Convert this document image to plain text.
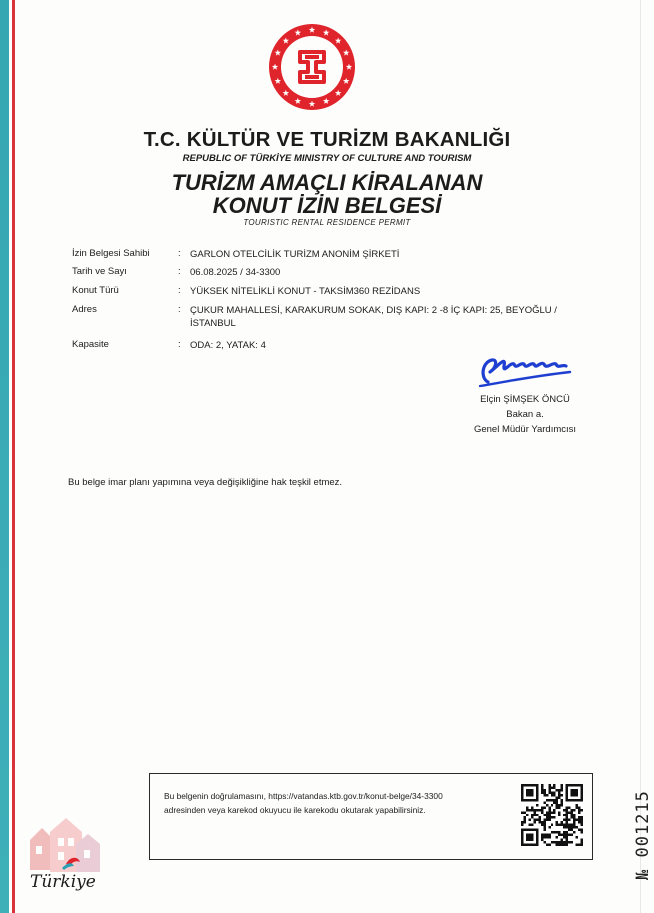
T.C. KÜLTÜR VE TURİZM BAKANLIĞI
REPUBLIC OF TÜRKİYE MINISTRY OF CULTURE AND TOURISM
TURİZM AMAÇLI KİRALANAN
KONUT İZİN BELGESİ
TOURISTIC RENTAL RESIDENCE PERMIT
İzin Belgesi Sahibi	: GARLON OTELCİLİK TURİZM ANONİM ŞİRKETİ
Tarih ve Sayı	: 06.08.2025 / 34-3300
Konut Türü	: YÜKSEK NİTELİKLİ KONUT - TAKSİM360 REZİDANS
Adres	: ÇUKUR MAHALLESİ, KARAKURUM SOKAK, DIŞ KAPI: 2 -8 İÇ KAPI: 25, BEYOĞLU / İSTANBUL
Kapasite	: ODA: 2, YATAK: 4
Elçin ŞİMŞEK ÖNCÜ
Bakan a.
Genel Müdür Yardımcısı
Bu belge imar planı yapımına veya değişikliğine hak teşkil etmez.
Bu belgenin doğrulamasını, https://vatandas.ktb.gov.tr/konut-belge/34-3300
adresinden veya karekod okuyucu ile karekodu okutarak yapabilirsiniz.	№ 001215
Türkiye
